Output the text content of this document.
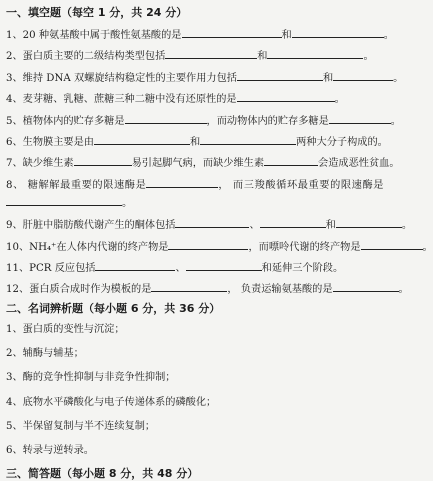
一、填空题（每空 1 分，共 24 分）
1、20 种氨基酸中属于酸性氨基酸的是	和	。
2、蛋白质主要的二级结构类型包括	和	。
3、维持 DNA 双螺旋结构稳定性的主要作用力包括	和	。
4、麦芽糖、乳糖、蔗糖三种二糖中没有还原性的是	。
5、植物体内的贮存多糖是	，而动物体内的贮存多糖是	。
6、生物膜主要是由	和	两种大分子构成的。
7、缺少维生素	易引起脚气病，而缺少维生素	会造成恶性贫血。
8、 糖解解最重要的限速酶是	， 而三羧酸循环最重要的限速酶是
。
9、肝脏中脂肪酸代谢产生的酮体包括	、	和	。
10、NH₄⁺在人体内代谢的终产物是	，而嘌呤代谢的终产物是	。
11、PCR 反应包括	、	和延伸三个阶段。
12、蛋白质合成时作为模板的是	， 负责运输氨基酸的是	。
二、名词辨析题（每小题 6 分，共 36 分）
1、蛋白质的变性与沉淀；
2、辅酶与辅基；
3、酶的竞争性抑制与非竞争性抑制；
4、底物水平磷酸化与电子传递体系的磷酸化；
5、半保留复制与半不连续复制；
6、转录与逆转录。
三、简答题（每小题 8 分，共 48 分）
